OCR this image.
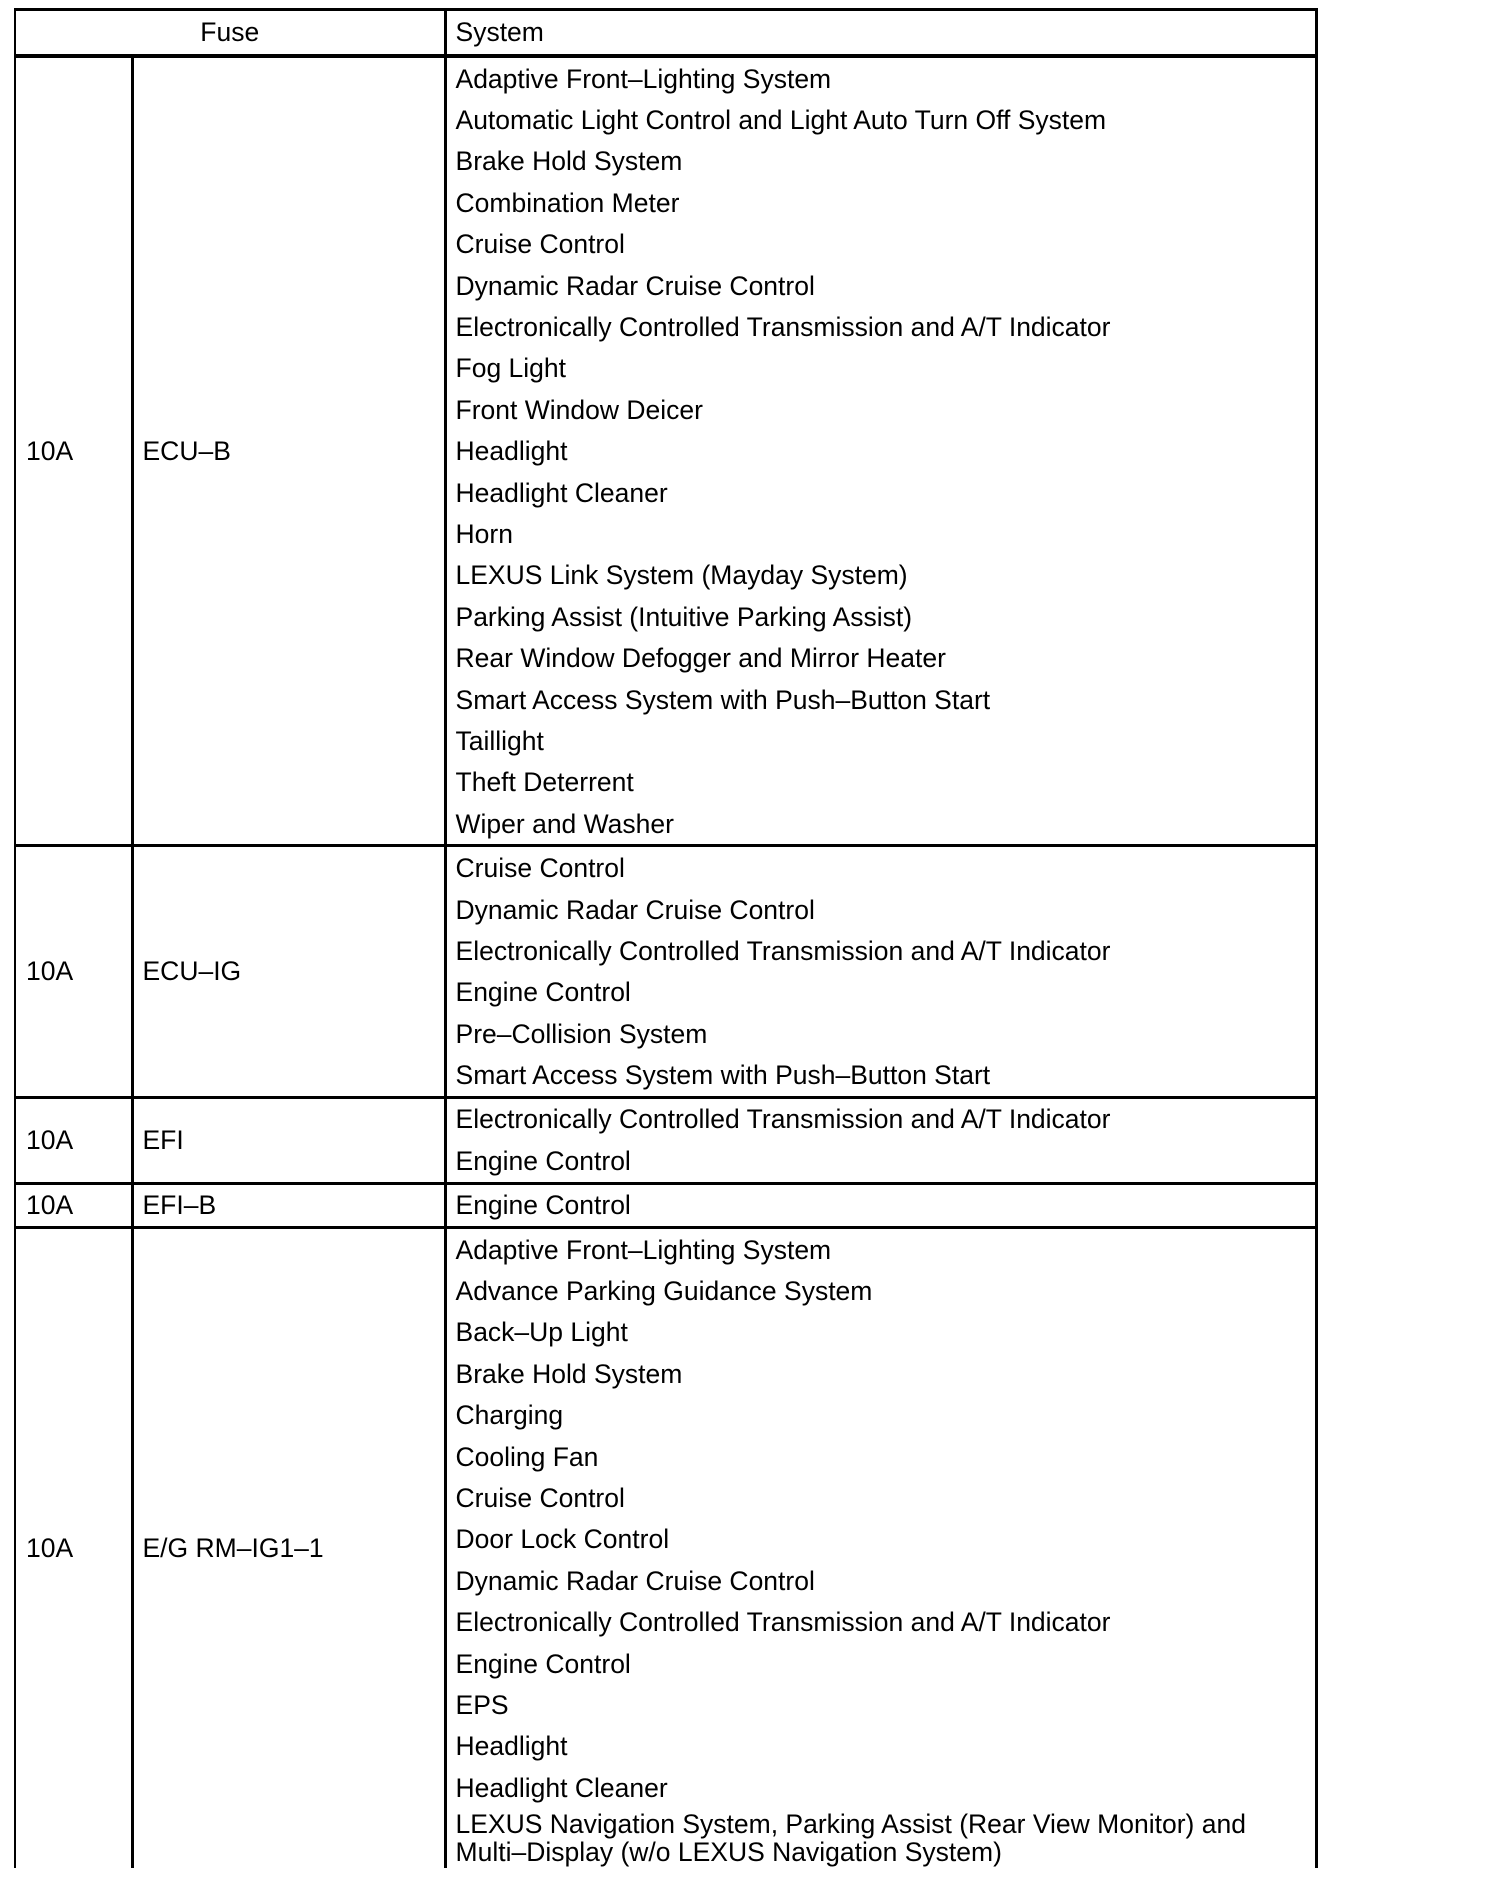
Fuse		System
10A	ECU–B	Adaptive Front–Lighting System
		Automatic Light Control and Light Auto Turn Off System
		Brake Hold System
		Combination Meter
		Cruise Control
		Dynamic Radar Cruise Control
		Electronically Controlled Transmission and A/T Indicator
		Fog Light
		Front Window Deicer
		Headlight
		Headlight Cleaner
		Horn
		LEXUS Link System (Mayday System)
		Parking Assist (Intuitive Parking Assist)
		Rear Window Defogger and Mirror Heater
		Smart Access System with Push–Button Start
		Taillight
		Theft Deterrent
		Wiper and Washer
10A	ECU–IG	Cruise Control
		Dynamic Radar Cruise Control
		Electronically Controlled Transmission and A/T Indicator
		Engine Control
		Pre–Collision System
		Smart Access System with Push–Button Start
10A	EFI	Electronically Controlled Transmission and A/T Indicator
		Engine Control
10A	EFI–B	Engine Control
10A	E/G RM–IG1–1	Adaptive Front–Lighting System
		Advance Parking Guidance System
		Back–Up Light
		Brake Hold System
		Charging
		Cooling Fan
		Cruise Control
		Door Lock Control
		Dynamic Radar Cruise Control
		Electronically Controlled Transmission and A/T Indicator
		Engine Control
		EPS
		Headlight
		Headlight Cleaner

		LEXUS Navigation System, Parking Assist (Rear View Monitor) and
Multi–Display (w/o LEXUS Navigation System)
